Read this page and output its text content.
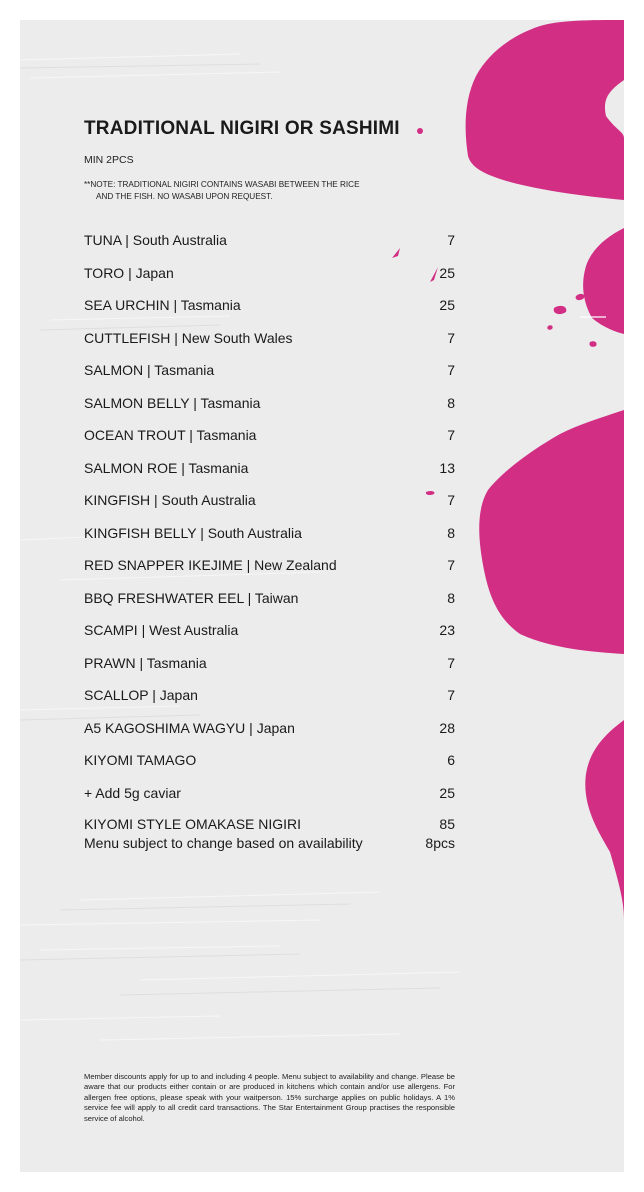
TRADITIONAL NIGIRI OR SASHIMI
MIN 2PCS
**NOTE: TRADITIONAL NIGIRI CONTAINS WASABI BETWEEN THE RICE
AND THE FISH. NO WASABI UPON REQUEST.
TUNA | South Australia	7
TORO | Japan	25
SEA URCHIN | Tasmania	25
CUTTLEFISH | New South Wales	7
SALMON | Tasmania	7
SALMON BELLY | Tasmania	8
OCEAN TROUT | Tasmania	7
SALMON ROE | Tasmania	13
KINGFISH | South Australia	7
KINGFISH BELLY | South Australia	8
RED SNAPPER IKEJIME | New Zealand	7
BBQ FRESHWATER EEL | Taiwan	8
SCAMPI | West Australia	23
PRAWN | Tasmania	7
SCALLOP | Japan	7
A5 KAGOSHIMA WAGYU | Japan	28
KIYOMI TAMAGO	6
+ Add 5g caviar	25
KIYOMI STYLE OMAKASE NIGIRI	85
Menu subject to change based on availability	8pcs
Member discounts apply for up to and including 4 people. Menu subject to availability and change. Please be aware that our products either contain or are produced in kitchens which contain and/or use allergens. For allergen free options, please speak with your waitperson. 15% surcharge applies on public holidays. A 1% service fee will apply to all credit card transactions. The Star Entertainment Group practises the responsible service of alcohol.
